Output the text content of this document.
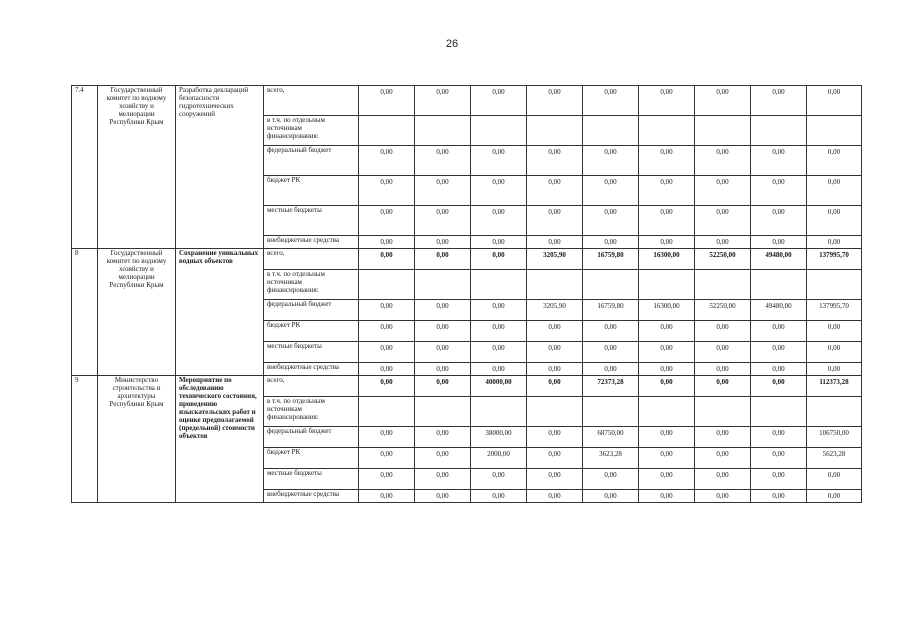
26
7.4	Государственный комитет по водному хозяйству и мелиорации Республики Крым	Разработка деклараций безопасности гидротехнических сооружений	всего,	0,00	0,00	0,00	0,00	0,00	0,00	0,00	0,00	0,00

			в т.ч. по отдельным источникам финансирования:	

			федеральный бюджет	0,00	0,00	0,00	0,00	0,00	0,00	0,00	0,00	0,00

			бюджет РК	0,00	0,00	0,00	0,00	0,00	0,00	0,00	0,00	0,00

			местные бюджеты	0,00	0,00	0,00	0,00	0,00	0,00	0,00	0,00	0,00

			внебюджетные средства	0,00	0,00	0,00	0,00	0,00	0,00	0,00	0,00	0,00

8	Государственный комитет по водному хозяйству и мелиорации Республики Крым	Сохранение уникальных водных объектов	всего,	0,00	0,00	0,00	3205,90	16759,80	16300,00	52250,00	49480,00	137995,70

			в т.ч. по отдельным источникам финансирования:	

			федеральный бюджет	0,00	0,00	0,00	3205,90	16759,80	16300,00	52250,00	49480,00	137995,70

			бюджет РК	0,00	0,00	0,00	0,00	0,00	0,00	0,00	0,00	0,00

			местные бюджеты	0,00	0,00	0,00	0,00	0,00	0,00	0,00	0,00	0,00

			внебюджетные средства	0,00	0,00	0,00	0,00	0,00	0,00	0,00	0,00	0,00

9	Министерство строительства и архитектуры Республики Крым	Мероприятие по обследованию технического состояния, проведению изыскательских работ и оценке предполагаемой (предельной) стоимости объектов	всего,	0,00	0,00	40000,00	0,00	72373,28	0,00	0,00	0,00	112373,28

			в т.ч. по отдельным источникам финансирования:	

			федеральный бюджет	0,00	0,00	38000,00	0,00	68750,00	0,00	0,00	0,00	106750,00

			бюджет РК	0,00	0,00	2000,00	0,00	3623,28	0,00	0,00	0,00	5623,28

			местные бюджеты	0,00	0,00	0,00	0,00	0,00	0,00	0,00	0,00	0,00

			внебюджетные средства	0,00	0,00	0,00	0,00	0,00	0,00	0,00	0,00	0,00
